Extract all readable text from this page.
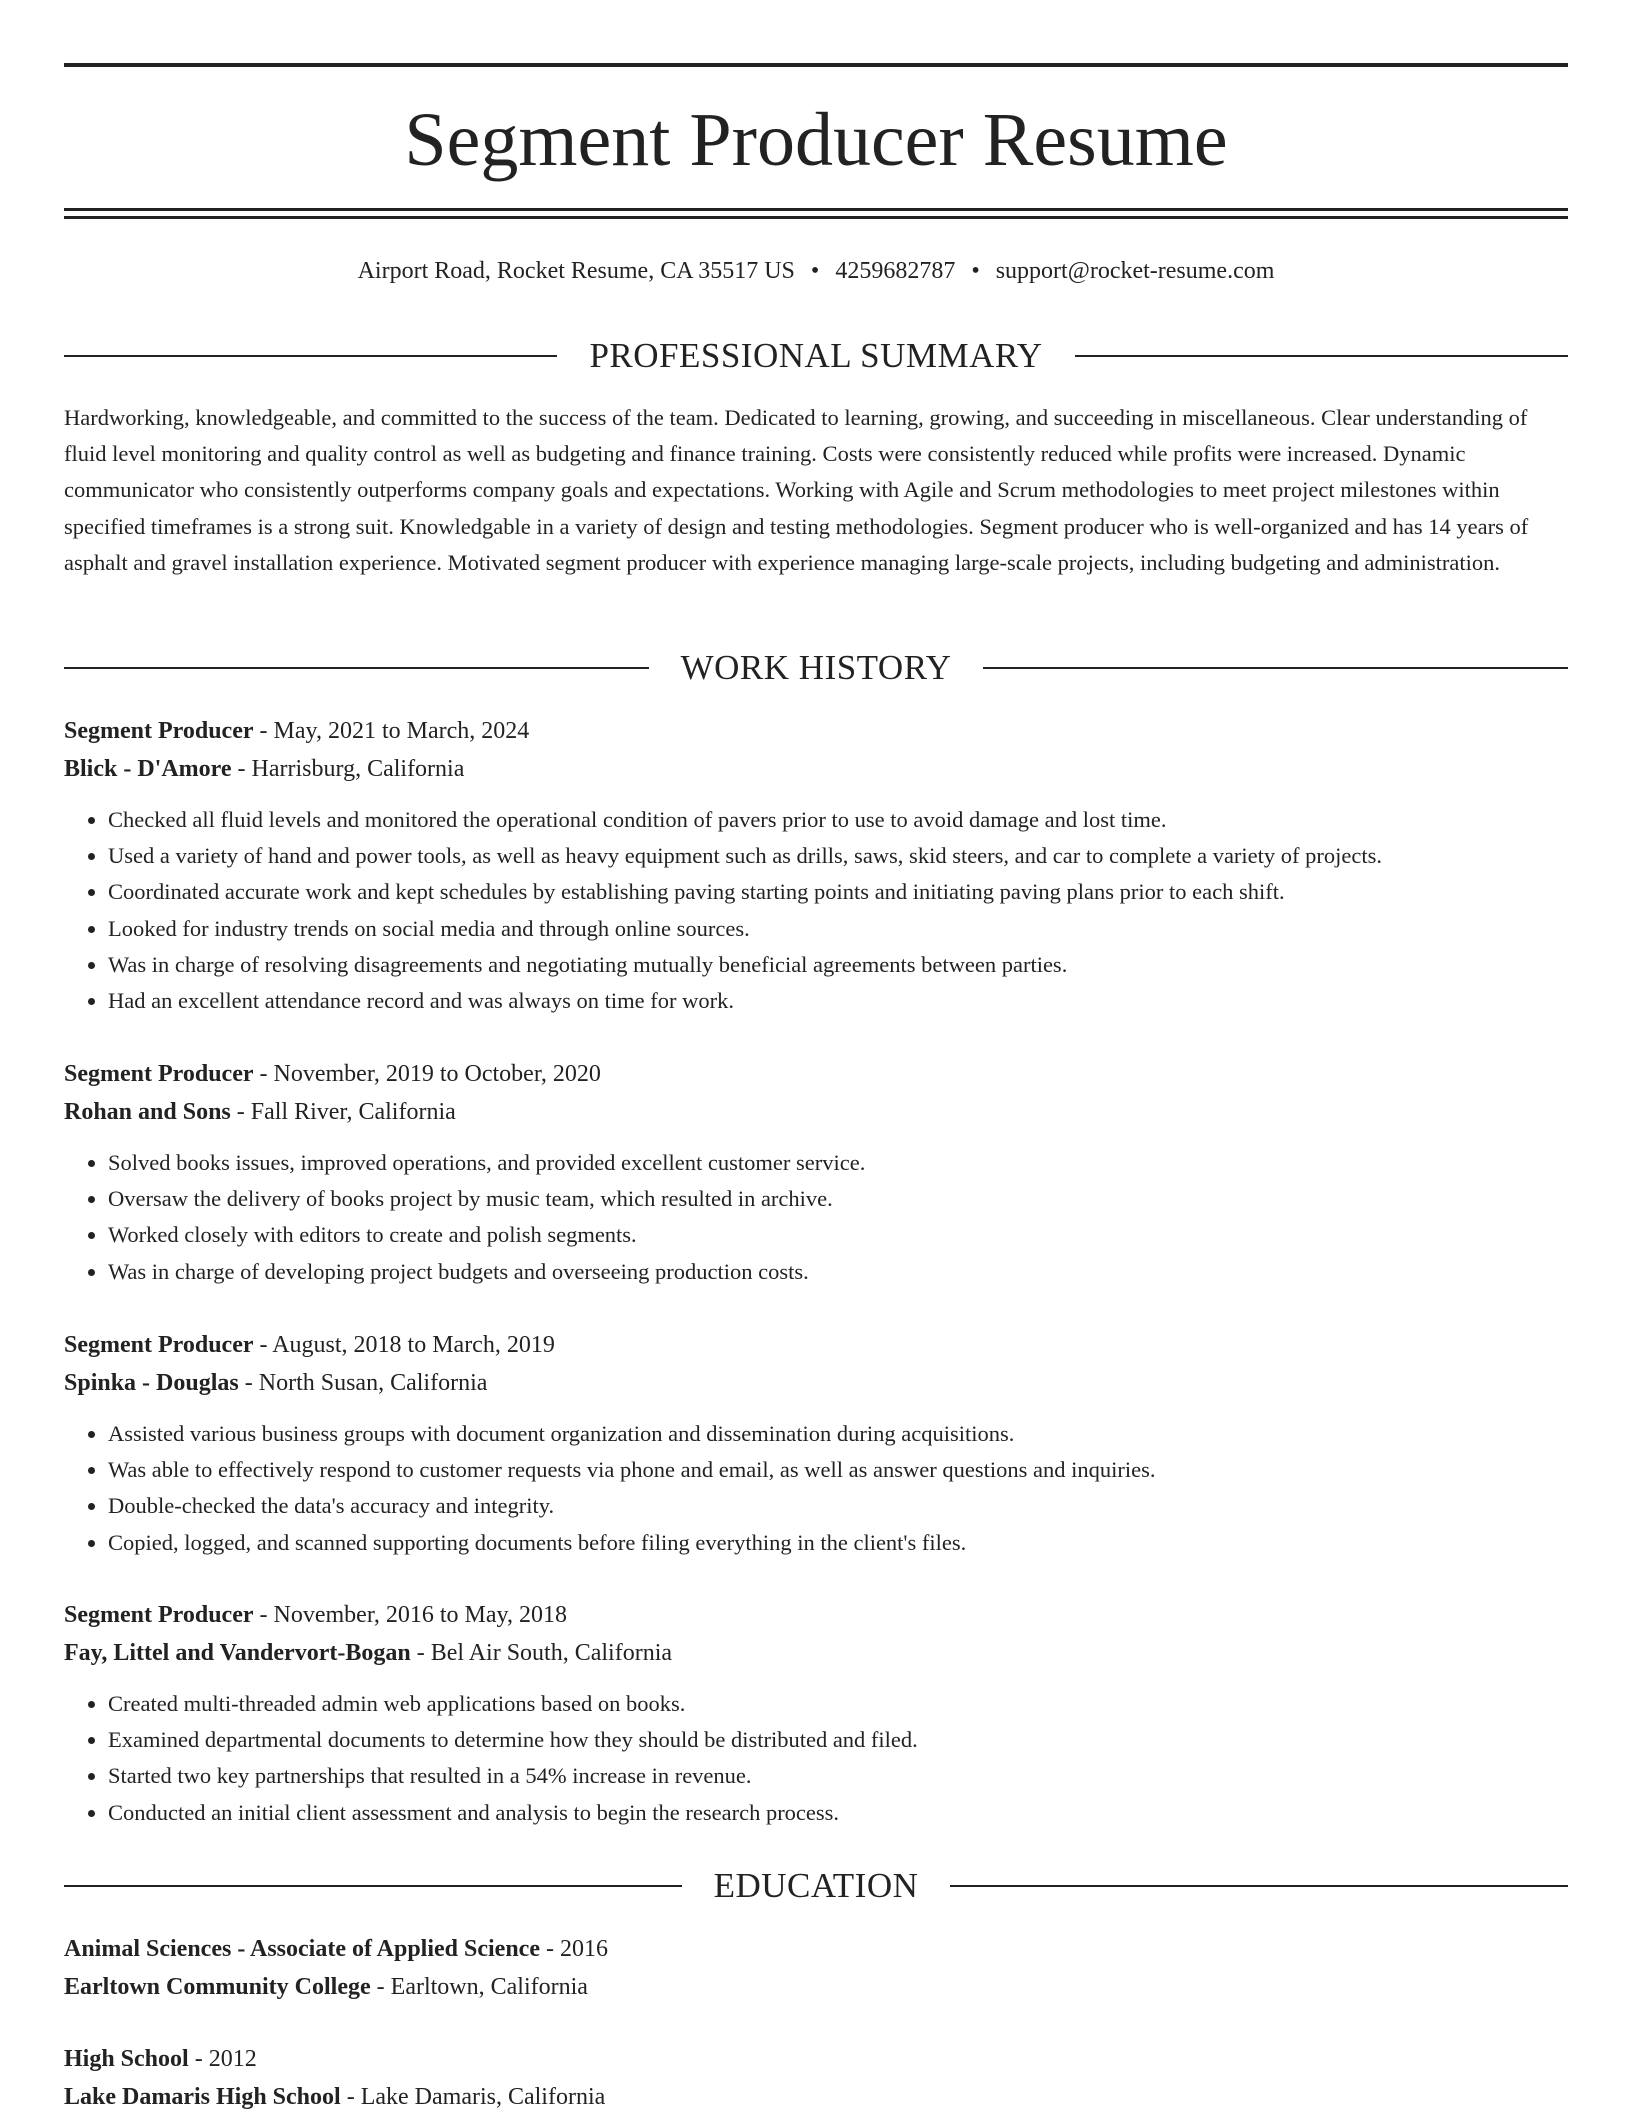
Segment Producer Resume
Airport Road, Rocket Resume, CA 35517 US • 4259682787 • support@rocket-resume.com
PROFESSIONAL SUMMARY

Hardworking, knowledgeable, and committed to the success of the team. Dedicated to learning, growing, and succeeding in miscellaneous. Clear understanding of fluid level monitoring and quality control as well as budgeting and finance training. Costs were consistently reduced while profits were increased. Dynamic communicator who consistently outperforms company goals and expectations. Working with Agile and Scrum methodologies to meet project milestones within specified timeframes is a strong suit. Knowledgable in a variety of design and testing methodologies. Segment producer who is well-organized and has 14 years of asphalt and gravel installation experience. Motivated segment producer with experience managing large-scale projects, including budgeting and administration.

WORK HISTORY
Segment Producer - May, 2021 to March, 2024
Blick - D'Amore - Harrisburg, California
• Checked all fluid levels and monitored the operational condition of pavers prior to use to avoid damage and lost time.
• Used a variety of hand and power tools, as well as heavy equipment such as drills, saws, skid steers, and car to complete a variety of projects.
• Coordinated accurate work and kept schedules by establishing paving starting points and initiating paving plans prior to each shift.
• Looked for industry trends on social media and through online sources.
• Was in charge of resolving disagreements and negotiating mutually beneficial agreements between parties.
• Had an excellent attendance record and was always on time for work.
Segment Producer - November, 2019 to October, 2020
Rohan and Sons - Fall River, California
• Solved books issues, improved operations, and provided excellent customer service.
• Oversaw the delivery of books project by music team, which resulted in archive.
• Worked closely with editors to create and polish segments.
• Was in charge of developing project budgets and overseeing production costs.
Segment Producer - August, 2018 to March, 2019
Spinka - Douglas - North Susan, California
• Assisted various business groups with document organization and dissemination during acquisitions.
• Was able to effectively respond to customer requests via phone and email, as well as answer questions and inquiries.
• Double-checked the data's accuracy and integrity.
• Copied, logged, and scanned supporting documents before filing everything in the client's files.
Segment Producer - November, 2016 to May, 2018
Fay, Littel and Vandervort-Bogan - Bel Air South, California
• Created multi-threaded admin web applications based on books.
• Examined departmental documents to determine how they should be distributed and filed.
• Started two key partnerships that resulted in a 54% increase in revenue.
• Conducted an initial client assessment and analysis to begin the research process.
EDUCATION
Animal Sciences - Associate of Applied Science - 2016
Earltown Community College - Earltown, California
High School - 2012
Lake Damaris High School - Lake Damaris, California
